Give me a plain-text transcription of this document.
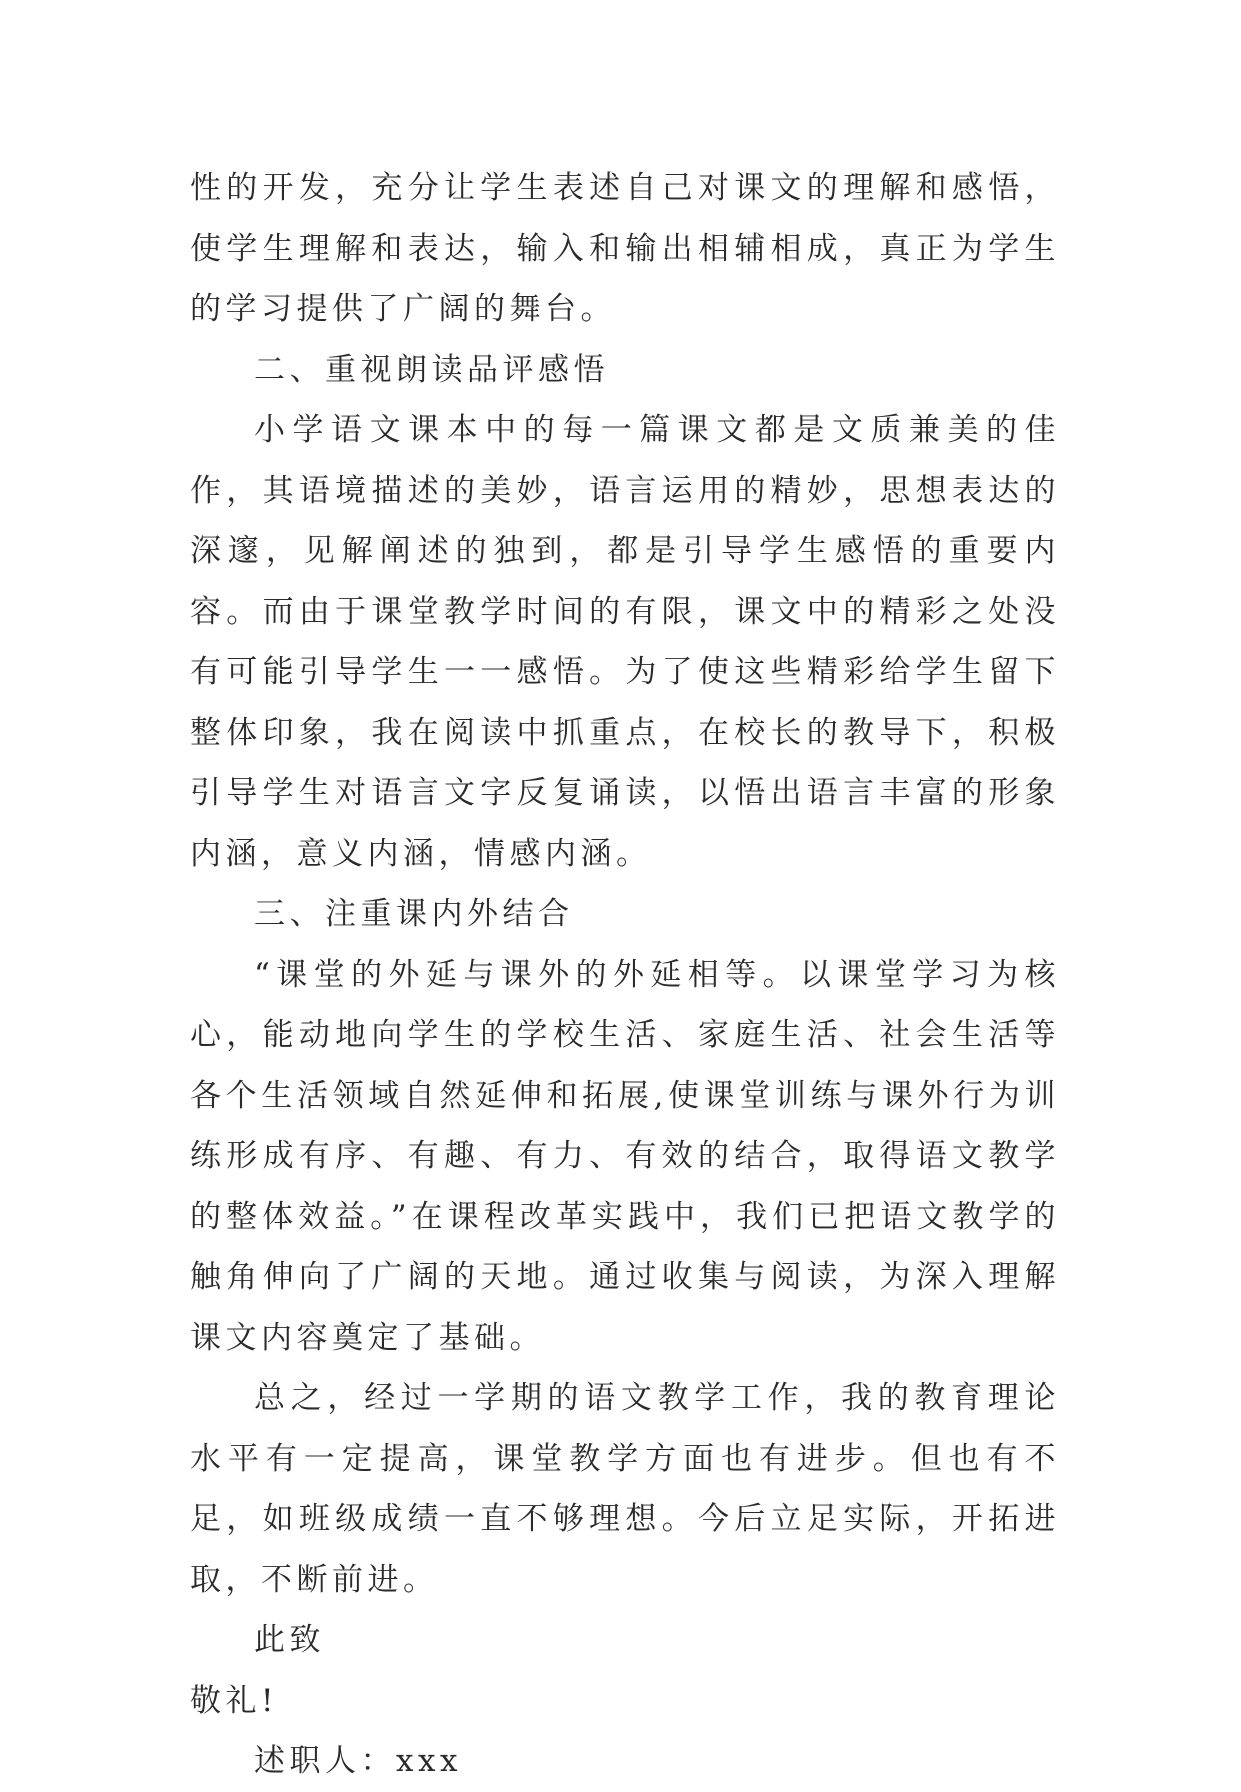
性的开发，充分让学生表述自己对课文的理解和感悟，使学生理解和表达，输入和输出相辅相成，真正为学生的学习提供了广阔的舞台。

二、重视朗读品评感悟

小学语文课本中的每一篇课文都是文质兼美的佳作，其语境描述的美妙，语言运用的精妙，思想表达的深邃，见解阐述的独到，都是引导学生感悟的重要内容。而由于课堂教学时间的有限，课文中的精彩之处没有可能引导学生一一感悟。为了使这些精彩给学生留下整体印象，我在阅读中抓重点，在校长的教导下，积极引导学生对语言文字反复诵读，以悟出语言丰富的形象内涵，意义内涵，情感内涵。

三、注重课内外结合

“课堂的外延与课外的外延相等。以课堂学习为核心，能动地向学生的学校生活、家庭生活、社会生活等各个生活领域自然延伸和拓展,使课堂训练与课外行为训练形成有序、有趣、有力、有效的结合，取得语文教学的整体效益。”在课程改革实践中，我们已把语文教学的触角伸向了广阔的天地。通过收集与阅读，为深入理解课文内容奠定了基础。

总之，经过一学期的语文教学工作，我的教育理论水平有一定提高，课堂教学方面也有进步。但也有不足，如班级成绩一直不够理想。今后立足实际，开拓进取，不断前进。

此致

敬礼!

述职人：xxx
